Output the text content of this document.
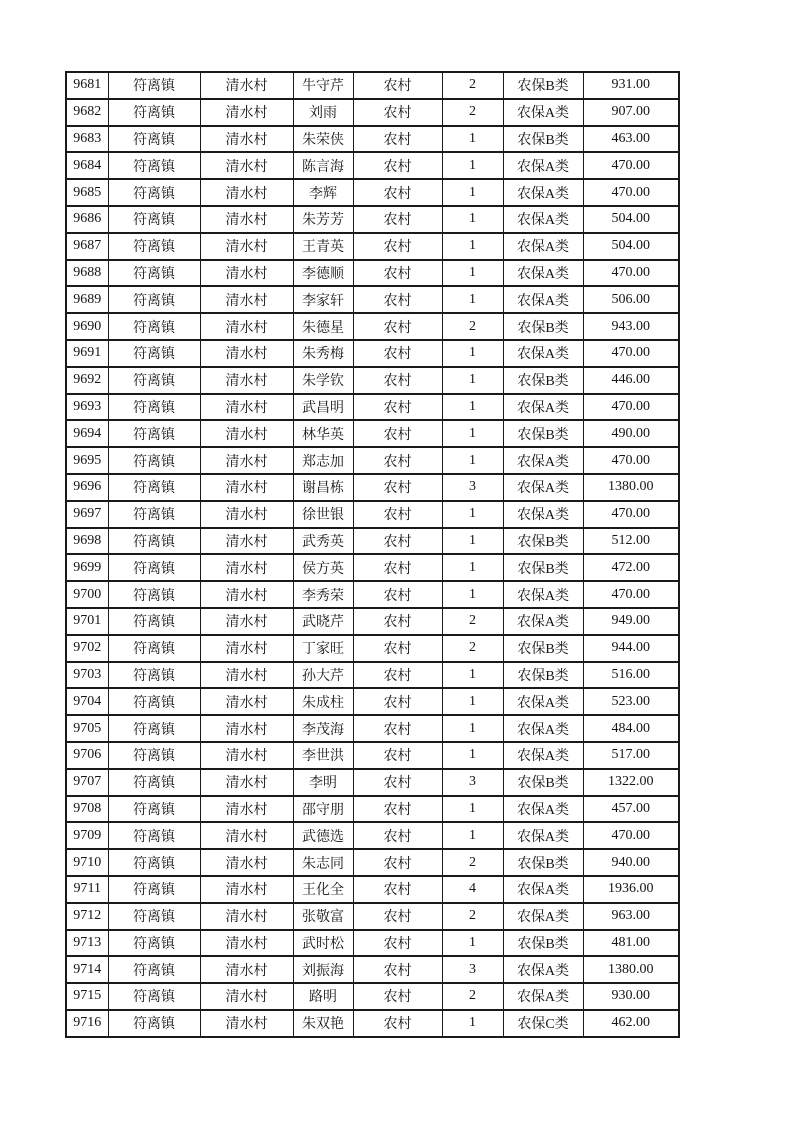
9681	符离镇	清水村	牛守芹	农村	2	农保B类	931.00
9682	符离镇	清水村	刘雨	农村	2	农保A类	907.00
9683	符离镇	清水村	朱荣侠	农村	1	农保B类	463.00
9684	符离镇	清水村	陈言海	农村	1	农保A类	470.00
9685	符离镇	清水村	李辉	农村	1	农保A类	470.00
9686	符离镇	清水村	朱芳芳	农村	1	农保A类	504.00
9687	符离镇	清水村	王青英	农村	1	农保A类	504.00
9688	符离镇	清水村	李德顺	农村	1	农保A类	470.00
9689	符离镇	清水村	李家轩	农村	1	农保A类	506.00
9690	符离镇	清水村	朱德星	农村	2	农保B类	943.00
9691	符离镇	清水村	朱秀梅	农村	1	农保A类	470.00
9692	符离镇	清水村	朱学钦	农村	1	农保B类	446.00
9693	符离镇	清水村	武昌明	农村	1	农保A类	470.00
9694	符离镇	清水村	林华英	农村	1	农保B类	490.00
9695	符离镇	清水村	郑志加	农村	1	农保A类	470.00
9696	符离镇	清水村	谢昌栋	农村	3	农保A类	1380.00
9697	符离镇	清水村	徐世银	农村	1	农保A类	470.00
9698	符离镇	清水村	武秀英	农村	1	农保B类	512.00
9699	符离镇	清水村	侯方英	农村	1	农保B类	472.00
9700	符离镇	清水村	李秀荣	农村	1	农保A类	470.00
9701	符离镇	清水村	武晓芹	农村	2	农保A类	949.00
9702	符离镇	清水村	丁家旺	农村	2	农保B类	944.00
9703	符离镇	清水村	孙大芹	农村	1	农保B类	516.00
9704	符离镇	清水村	朱成柱	农村	1	农保A类	523.00
9705	符离镇	清水村	李茂海	农村	1	农保A类	484.00
9706	符离镇	清水村	李世洪	农村	1	农保A类	517.00
9707	符离镇	清水村	李明	农村	3	农保B类	1322.00
9708	符离镇	清水村	邵守朋	农村	1	农保A类	457.00
9709	符离镇	清水村	武德选	农村	1	农保A类	470.00
9710	符离镇	清水村	朱志同	农村	2	农保B类	940.00
9711	符离镇	清水村	王化全	农村	4	农保A类	1936.00
9712	符离镇	清水村	张敬富	农村	2	农保A类	963.00
9713	符离镇	清水村	武时松	农村	1	农保B类	481.00
9714	符离镇	清水村	刘振海	农村	3	农保A类	1380.00
9715	符离镇	清水村	路明	农村	2	农保A类	930.00
9716	符离镇	清水村	朱双艳	农村	1	农保C类	462.00
